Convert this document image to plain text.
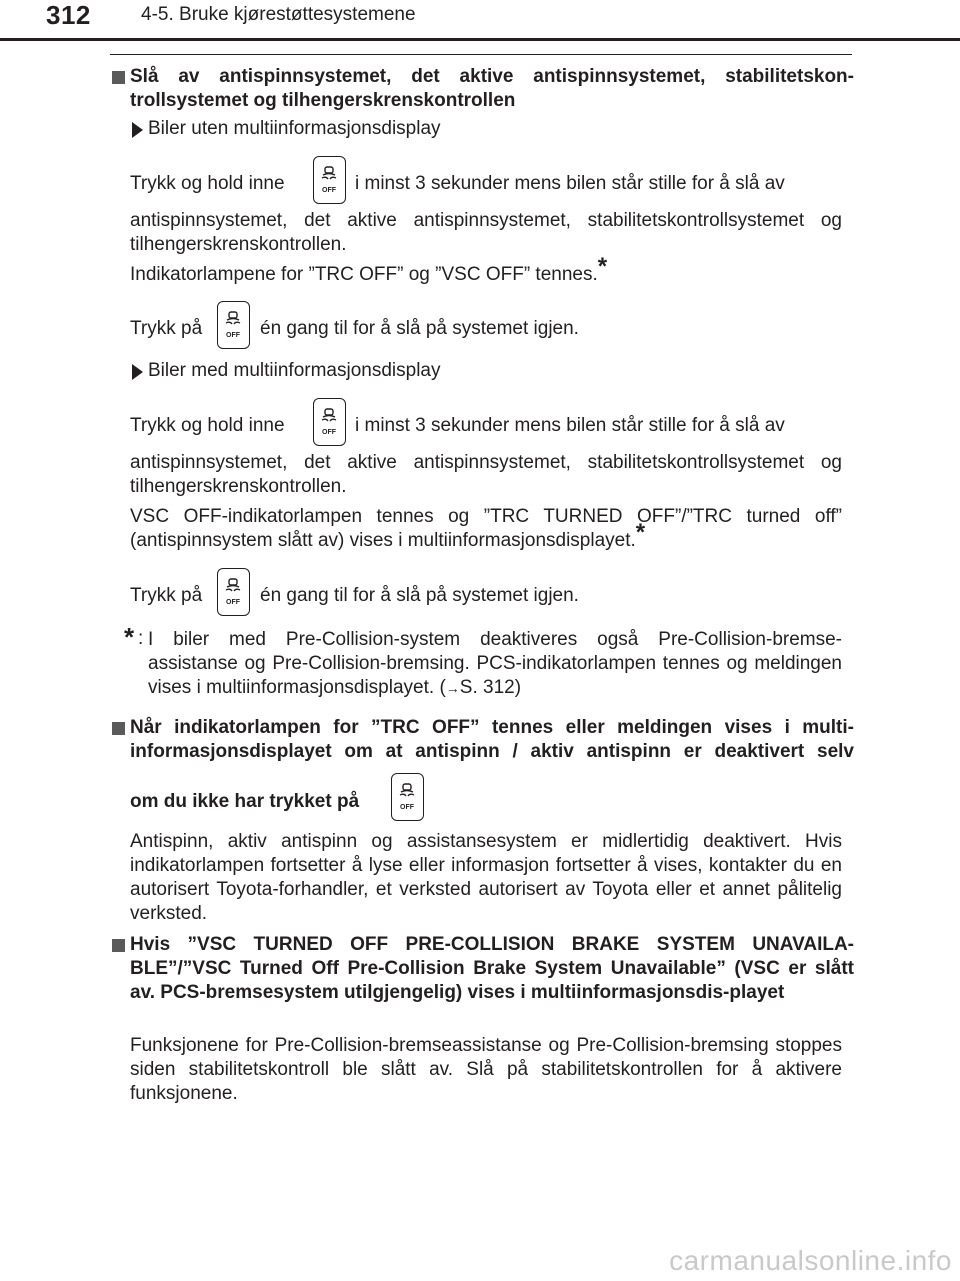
312	4-5. Bruke kjørestøttesystemene
Slå av antispinnsystemet, det aktive antispinnsystemet, stabilitetskon-trollsystemet og tilhengerskrenskontrollen
Biler uten multiinformasjonsdisplay
Trykk og hold inne	i minst 3 sekunder mens bilen står stille for å slå av
OFF
antispinnsystemet, det aktive antispinnsystemet, stabilitetskontrollsystemet og tilhengerskrenskontrollen.
Indikatorlampene for ”TRC OFF” og ”VSC OFF” tennes.*
Trykk på	én gang til for å slå på systemet igjen.
OFF
Biler med multiinformasjonsdisplay
Trykk og hold inne	i minst 3 sekunder mens bilen står stille for å slå av
OFF
antispinnsystemet, det aktive antispinnsystemet, stabilitetskontrollsystemet og tilhengerskrenskontrollen.
VSC OFF-indikatorlampen tennes og ”TRC TURNED OFF”/”TRC turned off” (antispinnsystem slått av) vises i multiinformasjonsdisplayet.*
Trykk på	én gang til for å slå på systemet igjen.
OFF
* : I biler med Pre-Collision-system deaktiveres også Pre-Collision-bremse-assistanse og Pre-Collision-bremsing. PCS-indikatorlampen tennes og meldingen vises i multiinformasjonsdisplayet. (→S. 312)
Når indikatorlampen for ”TRC OFF” tennes eller meldingen vises i multi-
informasjonsdisplayet om at antispinn / aktiv antispinn er deaktivert selv
om du ikke har trykket på	OFF
Antispinn, aktiv antispinn og assistansesystem er midlertidig deaktivert. Hvis indikatorlampen fortsetter å lyse eller informasjon fortsetter å vises, kontakter du en autorisert Toyota-forhandler, et verksted autorisert av Toyota eller et annet pålitelig verksted.
Hvis ”VSC TURNED OFF PRE-COLLISION BRAKE SYSTEM UNAVAILA-BLE”/”VSC Turned Off Pre-Collision Brake System Unavailable” (VSC er slått av. PCS-bremsesystem utilgjengelig) vises i multiinformasjonsdis-playet
Funksjonene for Pre-Collision-bremseassistanse og Pre-Collision-bremsing stoppes siden stabilitetskontroll ble slått av. Slå på stabilitetskontrollen for å aktivere funksjonene.
carmanualsonline.info
